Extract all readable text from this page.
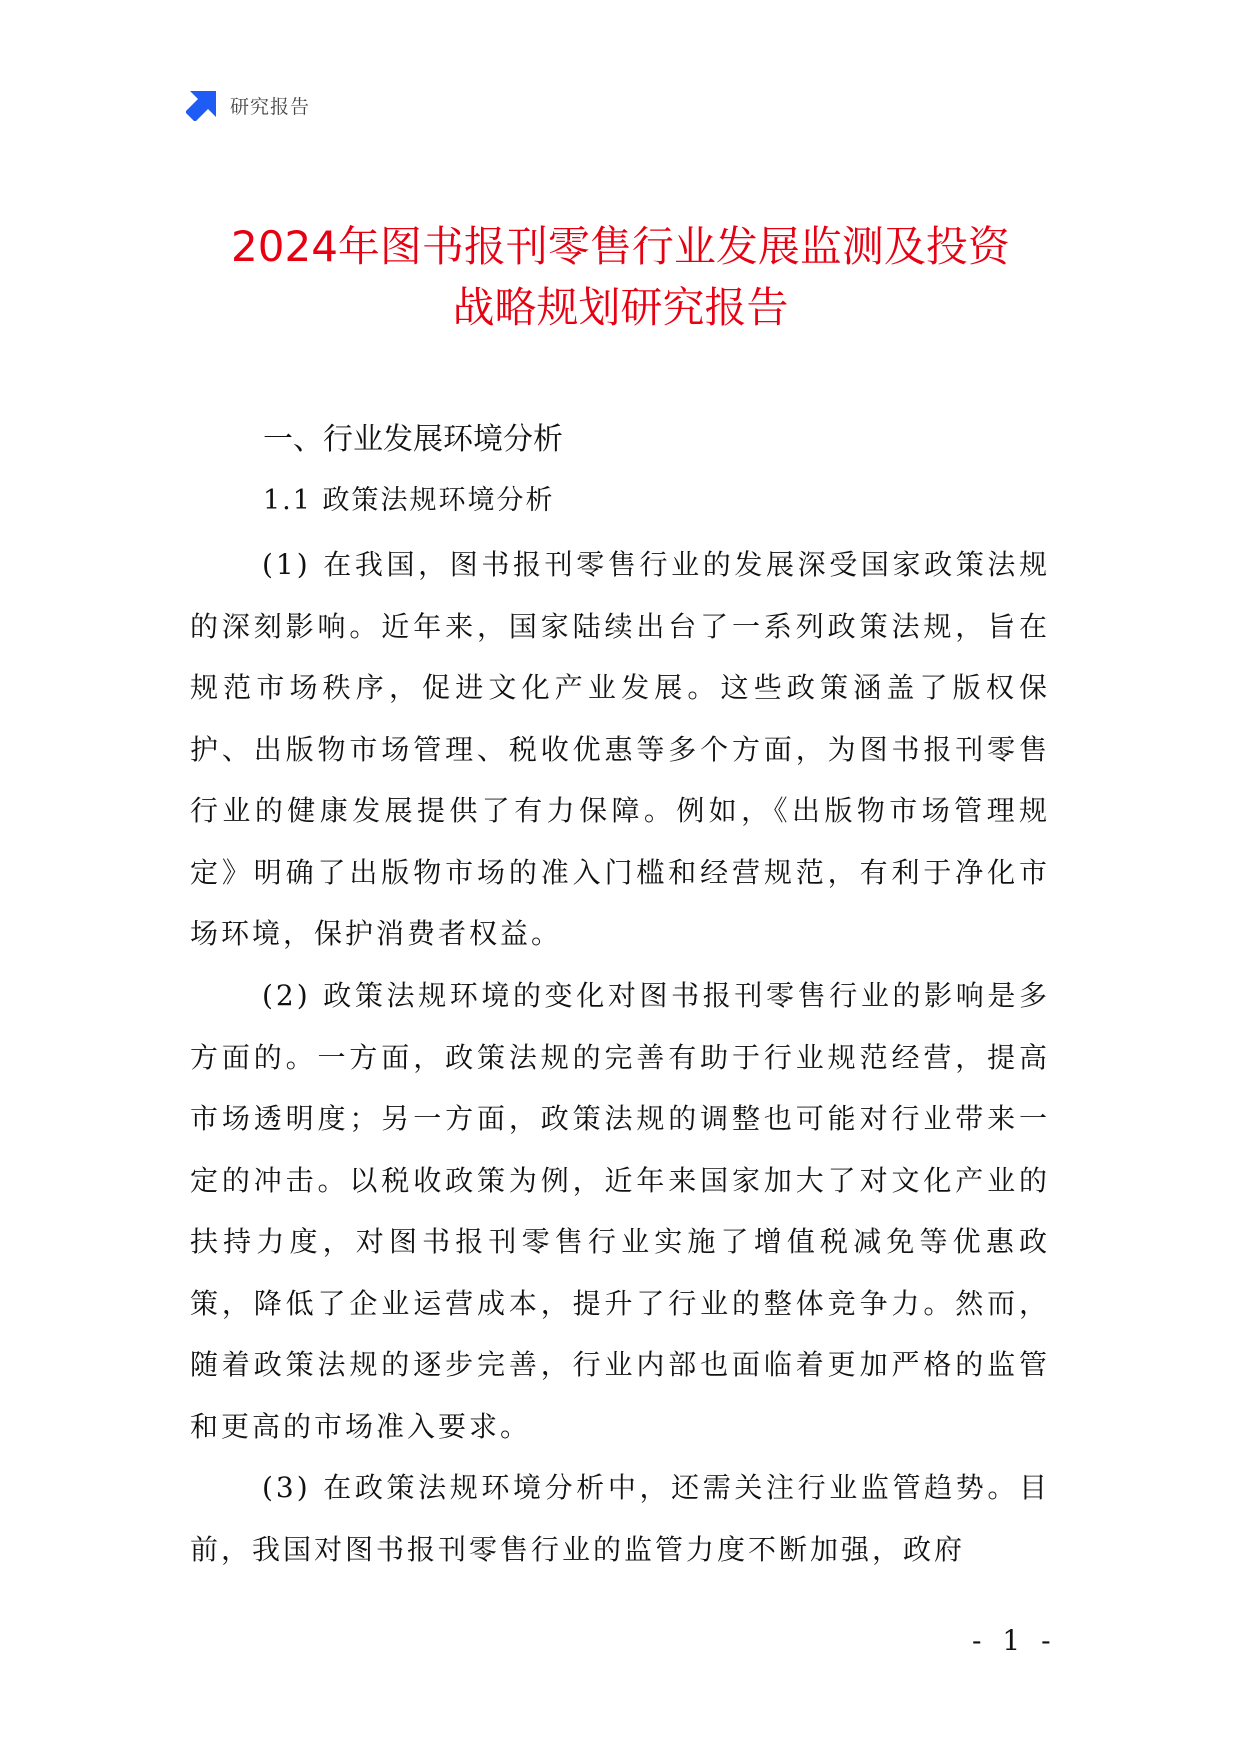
研究报告
2024年图书报刊零售行业发展监测及投资
战略规划研究报告
一、行业发展环境分析
1.1 政策法规环境分析

(1) 在我国，图书报刊零售行业的发展深受国家政策法规的深刻影响。近年来，国家陆续出台了一系列政策法规，旨在规范市场秩序，促进文化产业发展。这些政策涵盖了版权保护、出版物市场管理、税收优惠等多个方面，为图书报刊零售行业的健康发展提供了有力保障。例如，《出版物市场管理规定》明确了出版物市场的准入门槛和经营规范，有利于净化市场环境，保护消费者权益。

(2) 政策法规环境的变化对图书报刊零售行业的影响是多方面的。一方面，政策法规的完善有助于行业规范经营，提高市场透明度；另一方面，政策法规的调整也可能对行业带来一定的冲击。以税收政策为例，近年来国家加大了对文化产业的扶持力度，对图书报刊零售行业实施了增值税减免等优惠政策，降低了企业运营成本，提升了行业的整体竞争力。然而，随着政策法规的逐步完善，行业内部也面临着更加严格的监管和更高的市场准入要求。

(3) 在政策法规环境分析中，还需关注行业监管趋势。目前，我国对图书报刊零售行业的监管力度不断加强，政府

- 1 -
